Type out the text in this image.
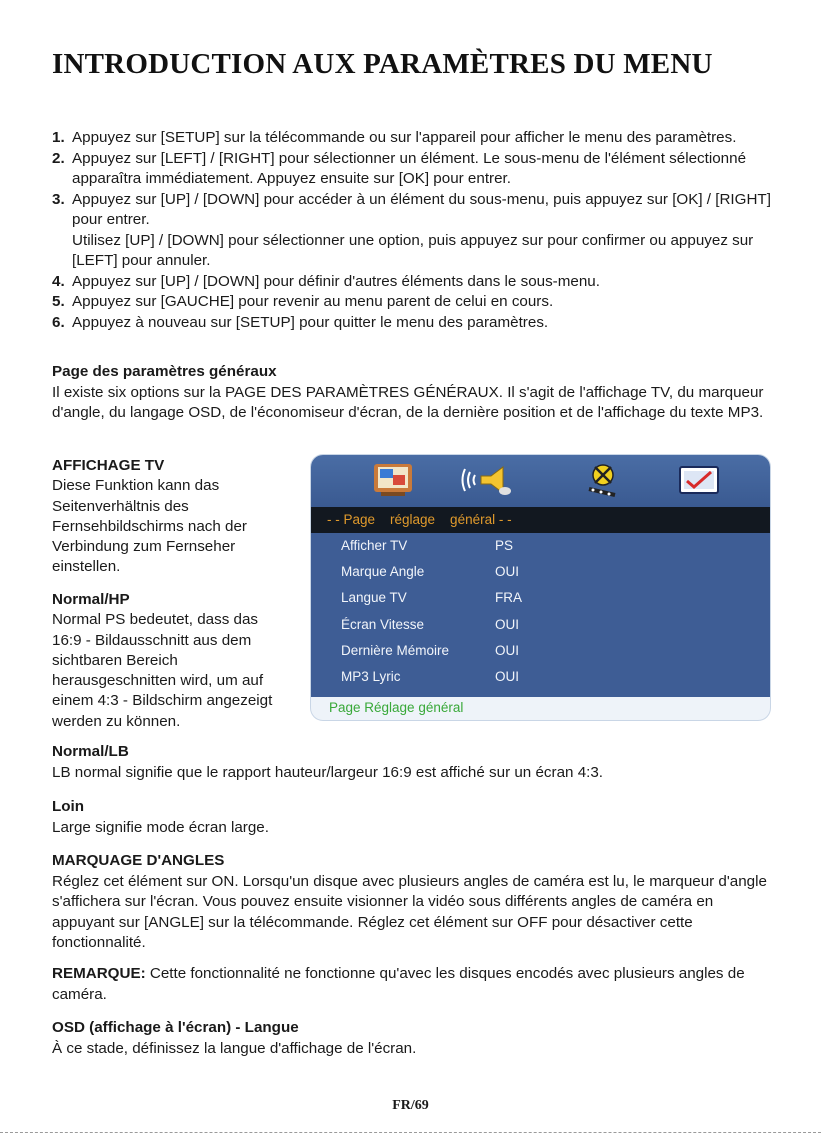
INTRODUCTION AUX PARAMÈTRES DU MENU
1. Appuyez sur [SETUP] sur la télécommande ou sur l'appareil pour afficher le menu des paramètres.
2. Appuyez sur [LEFT] / [RIGHT] pour sélectionner un élément. Le sous-menu de l'élément sélectionné apparaîtra immédiatement. Appuyez ensuite sur [OK] pour entrer.
3. Appuyez sur [UP] / [DOWN] pour accéder à un élément du sous-menu, puis appuyez sur [OK] / [RIGHT] pour entrer.
Utilisez [UP] / [DOWN] pour sélectionner une option, puis appuyez sur pour confirmer ou appuyez sur [LEFT] pour annuler.
4. Appuyez sur [UP] / [DOWN] pour définir d'autres éléments dans le sous-menu.
5. Appuyez sur [GAUCHE] pour revenir au menu parent de celui en cours.
6. Appuyez à nouveau sur [SETUP] pour quitter le menu des paramètres.
Page des paramètres généraux
Il existe six options sur la PAGE DES PARAMÈTRES GÉNÉRAUX. Il s'agit de l'affichage TV, du marqueur d'angle, du langage OSD, de l'économiseur d'écran, de la dernière position et de l'affichage du texte MP3.
AFFICHAGE TV
Diese Funktion kann das Seitenverhältnis des Fernsehbildschirms nach der Verbindung zum Fernseher einstellen.
Normal/HP
Normal PS bedeutet, dass das 16:9 - Bildausschnitt aus dem sichtbaren Bereich herausgeschnitten wird, um auf einem 4:3 - Bildschirm angezeigt werden zu können.
- - Page    réglage    général - -
Afficher TV	PS
Marque Angle	OUI
Langue TV	FRA
Écran Vitesse	OUI
Dernière Mémoire	OUI
MP3 Lyric	OUI
Page Réglage général
Normal/LB
LB normal signifie que le rapport hauteur/largeur 16:9 est affiché sur un écran 4:3.
Loin
Large signifie mode écran large.
MARQUAGE D'ANGLES
Réglez cet élément sur ON. Lorsqu'un disque avec plusieurs angles de caméra est lu, le marqueur d'angle s'affichera sur l'écran. Vous pouvez ensuite visionner la vidéo sous différents angles de caméra en appuyant sur [ANGLE] sur la télécommande. Réglez cet élément sur OFF pour désactiver cette fonctionnalité.
REMARQUE: Cette fonctionnalité ne fonctionne qu'avec les disques encodés avec plusieurs angles de caméra.
OSD (affichage à l'écran) - Langue
À ce stade, définissez la langue d'affichage de l'écran.
FR/69
